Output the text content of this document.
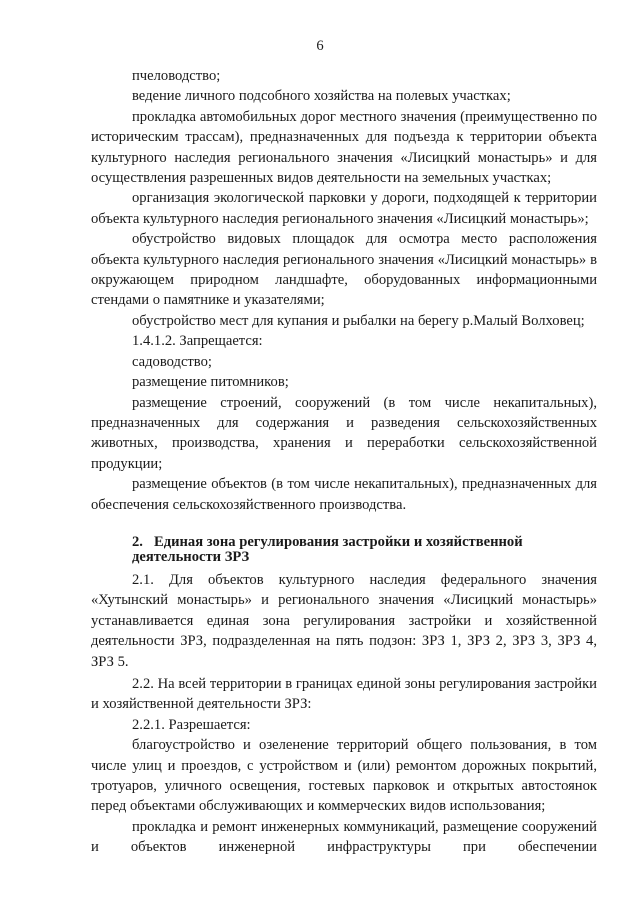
6

пчеловодство;

ведение личного подсобного хозяйства на полевых участках;

прокладка автомобильных дорог местного значения (преимущественно по историческим трассам), предназначенных для подъезда к территории объекта культурного наследия регионального значения «Лисицкий монастырь» и для осуществления разрешенных видов деятельности на земельных участках;

организация экологической парковки у дороги, подходящей к территории объекта культурного наследия регионального значения «Лисицкий монастырь»;

обустройство видовых площадок для осмотра место расположения объекта культурного наследия регионального значения «Лисицкий монастырь» в окружающем природном ландшафте, оборудованных информационными стендами о памятнике и указателями;

обустройство мест для купания и рыбалки на берегу р.Малый Волховец;

1.4.1.2. Запрещается:

садоводство;

размещение питомников;

размещение строений, сооружений (в том числе некапитальных), предназначенных для содержания и разведения сельскохозяйственных животных, производства, хранения и переработки сельскохозяйственной продукции;

размещение объектов (в том числе некапитальных), предназначенных для обеспечения сельскохозяйственного производства.

2. Единая зона регулирования застройки и хозяйственной
деятельности ЗРЗ

2.1. Для объектов культурного наследия федерального значения «Хутынский монастырь» и регионального значения «Лисицкий монастырь» устанавливается единая зона регулирования застройки и хозяйственной деятельности ЗРЗ, подразделенная на пять подзон: ЗРЗ 1, ЗРЗ 2, ЗРЗ 3, ЗРЗ 4, ЗРЗ 5.

2.2. На всей территории в границах единой зоны регулирования застройки и хозяйственной деятельности ЗРЗ:

2.2.1. Разрешается:

благоустройство и озеленение территорий общего пользования, в том числе улиц и проездов, с устройством и (или) ремонтом дорожных покрытий, тротуаров, уличного освещения, гостевых парковок и открытых автостоянок перед объектами обслуживающих и коммерческих видов использования;

прокладка и ремонт инженерных коммуникаций, размещение сооружений и объектов инженерной инфраструктуры при обеспечении
